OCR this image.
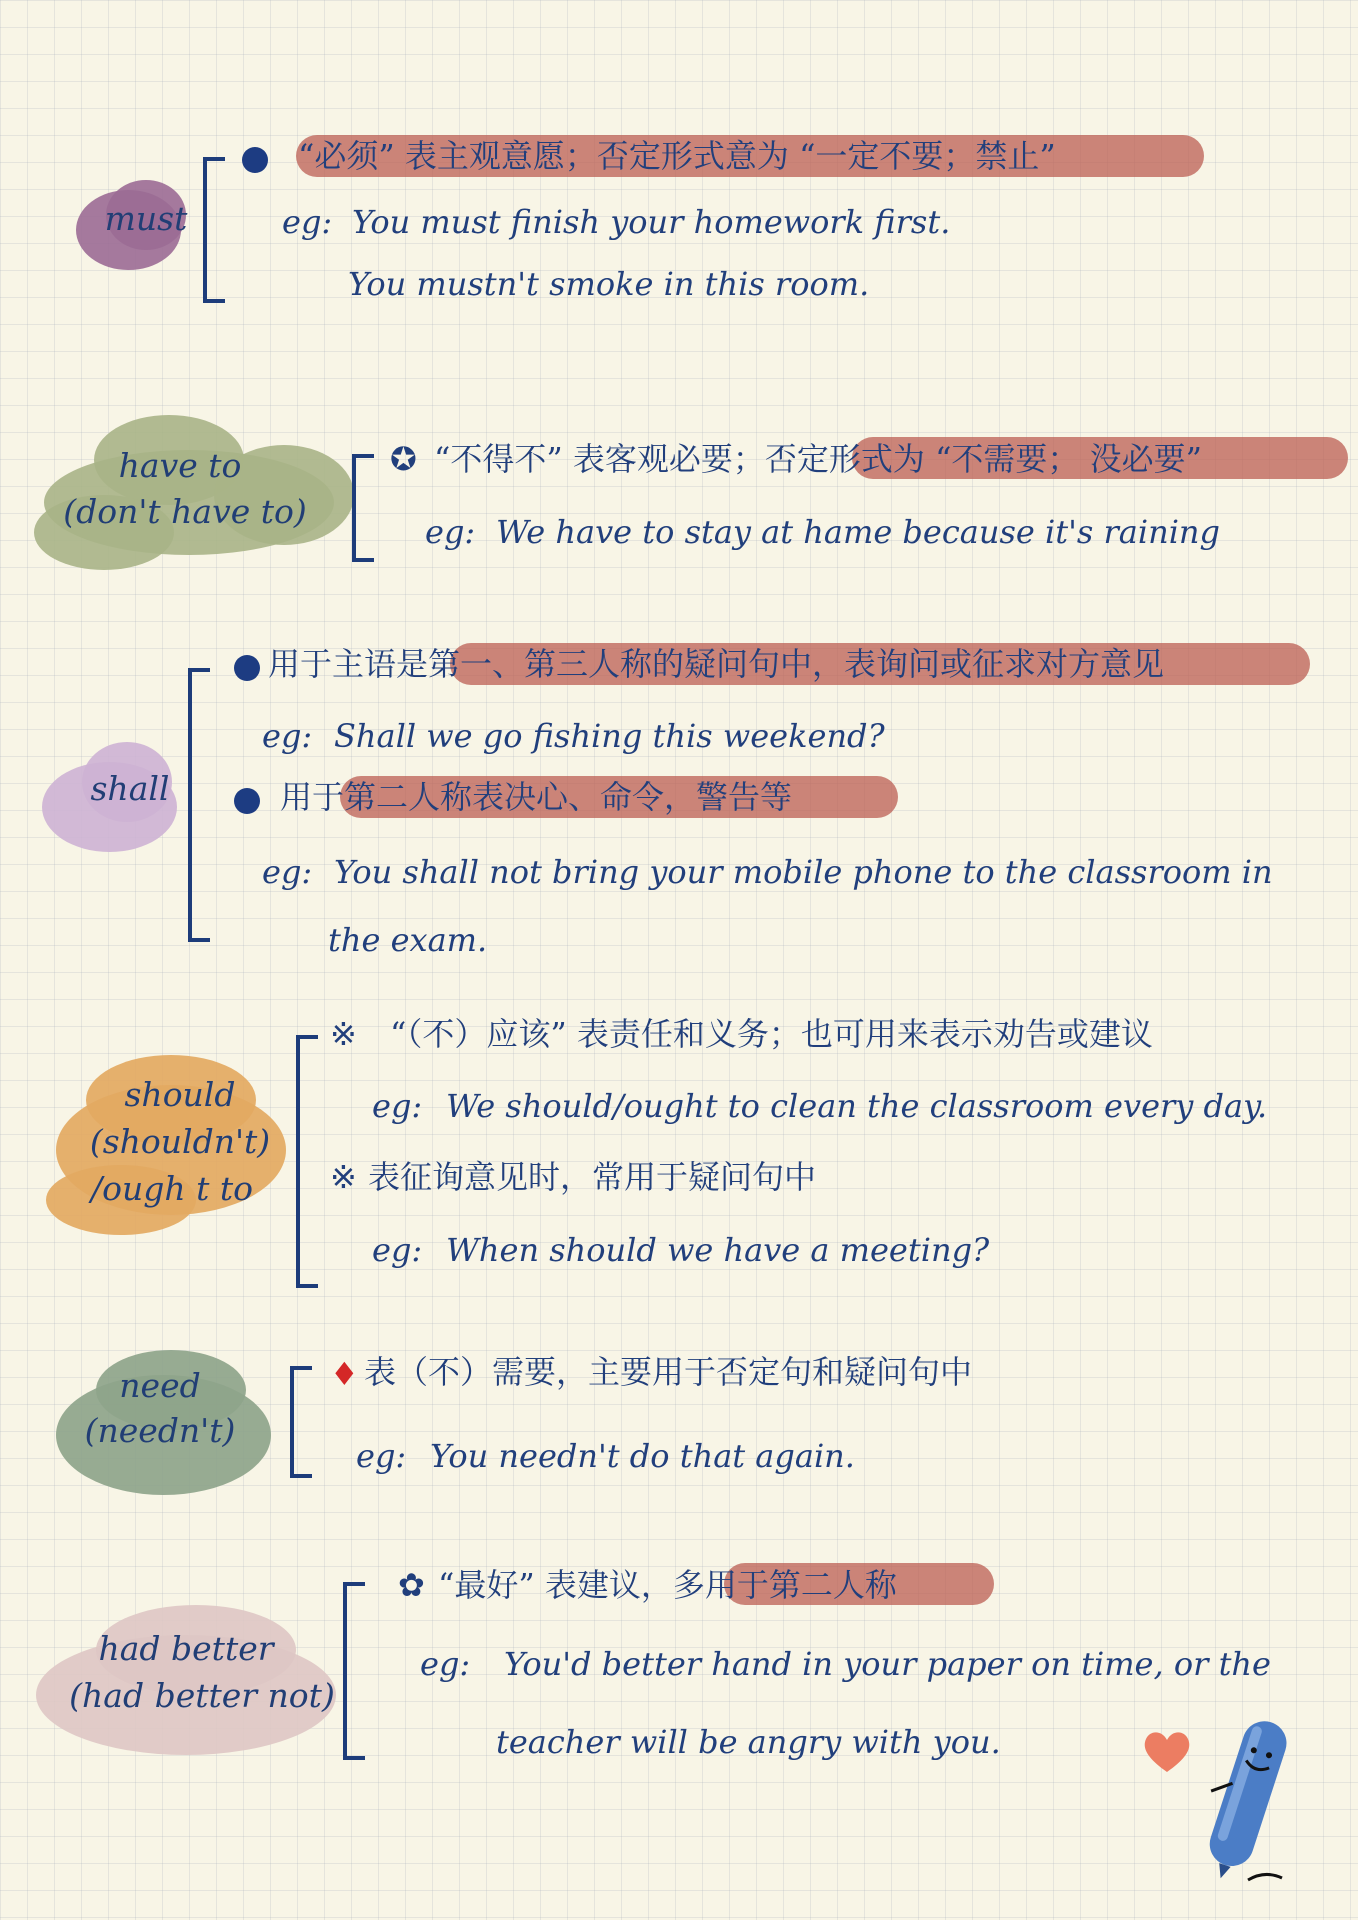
must
“必须” 表主观意愿；否定形式意为 “一定不要；禁止”
eg: You must finish your homework first.
You mustn't smoke in this room.
have to
(don't have to)
✪ “不得不” 表客观必要；否定形式为 “不需要； 没必要”
eg: We have to stay at hame because it's raining
shall
用于主语是第一、第三人称的疑问句中，表询问或征求对方意见
eg: Shall we go fishing this weekend?
用于第二人称表决心、命令，警告等
eg: You shall not bring your mobile phone to the classroom in
the exam.
should
(shouldn't)
/ough t to
※ “（不）应该” 表责任和义务；也可用来表示劝告或建议
eg: We should/ought to clean the classroom every day.
※ 表征询意见时，常用于疑问句中
eg: When should we have a meeting?
need
(needn't)
♦ 表（不）需要，主要用于否定句和疑问句中
eg: You needn't do that again.
had better
(had better not)
✿ “最好” 表建议，多用于第二人称
eg: You'd better hand in your paper on time, or the
teacher will be angry with you.
